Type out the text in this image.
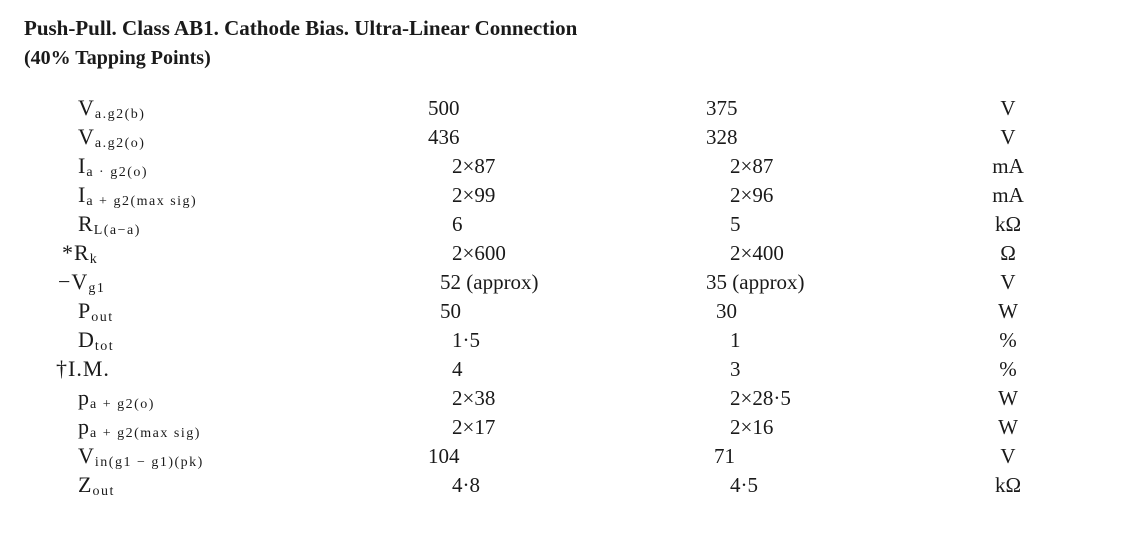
Push-Pull. Class AB1. Cathode Bias. Ultra-Linear Connection
(40% Tapping Points)
$V_{a.g2(b)}$	500	375	V
$V_{a.g2(o)}$	436	328	V
$I_{a \cdot g2(o)}$	2×87	2×87	mA
$I_{a + g2(max sig)}$	2×99	2×96	mA
$R_{L(a-a)}$	6	5	kΩ
$*R_k$	2×600	2×400	Ω
$-V_{g1}$	52 (approx)	35 (approx)	V
$P_{out}$	50	30	W
$D_{tot}$	1·5	1	%
†I.M.	4	3	%
$p_{a + g2(o)}$	2×38	2×28·5	W
$p_{a + g2(max sig)}$	2×17	2×16	W
$V_{in(g1 - g1)(pk)}$	104	71	V
$Z_{out}$	4·8	4·5	kΩ
